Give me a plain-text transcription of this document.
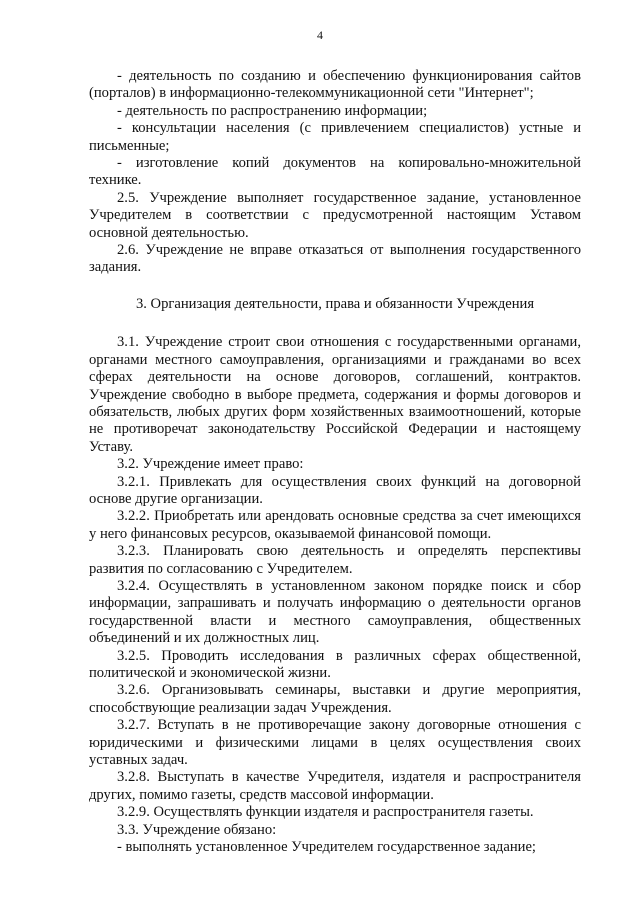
4

- деятельность по созданию и обеспечению функционирования сайтов (порталов) в информационно-телекоммуникационной сети "Интернет";

- деятельность по распространению информации;

- консультации населения (с привлечением специалистов) устные и письменные;

- изготовление копий документов на копировально-множительной технике.

2.5. Учреждение выполняет государственное задание, установленное Учредителем в соответствии с предусмотренной настоящим Уставом основной деятельностью.

2.6. Учреждение не вправе отказаться от выполнения государственного задания.

3. Организация деятельности, права и обязанности Учреждения

3.1. Учреждение строит свои отношения с государственными органами, органами местного самоуправления, организациями и гражданами во всех сферах деятельности на основе договоров, соглашений, контрактов. Учреждение свободно в выборе предмета, содержания и формы договоров и обязательств, любых других форм хозяйственных взаимоотношений, которые не противоречат законодательству Российской Федерации и настоящему Уставу.

3.2. Учреждение имеет право:

3.2.1. Привлекать для осуществления своих функций на договорной основе другие организации.

3.2.2. Приобретать или арендовать основные средства за счет имеющихся у него финансовых ресурсов, оказываемой финансовой помощи.

3.2.3. Планировать свою деятельность и определять перспективы развития по согласованию с Учредителем.

3.2.4. Осуществлять в установленном законом порядке поиск и сбор информации, запрашивать и получать информацию о деятельности органов государственной власти и местного самоуправления, общественных объединений и их должностных лиц.

3.2.5. Проводить исследования в различных сферах общественной, политической и экономической жизни.

3.2.6. Организовывать семинары, выставки и другие мероприятия, способствующие реализации задач Учреждения.

3.2.7. Вступать в не противоречащие закону договорные отношения с юридическими и физическими лицами в целях осуществления своих уставных задач.

3.2.8. Выступать в качестве Учредителя, издателя и распространителя других, помимо газеты, средств массовой информации.

3.2.9. Осуществлять функции издателя и распространителя газеты.

3.3. Учреждение обязано:

- выполнять установленное Учредителем государственное задание;
